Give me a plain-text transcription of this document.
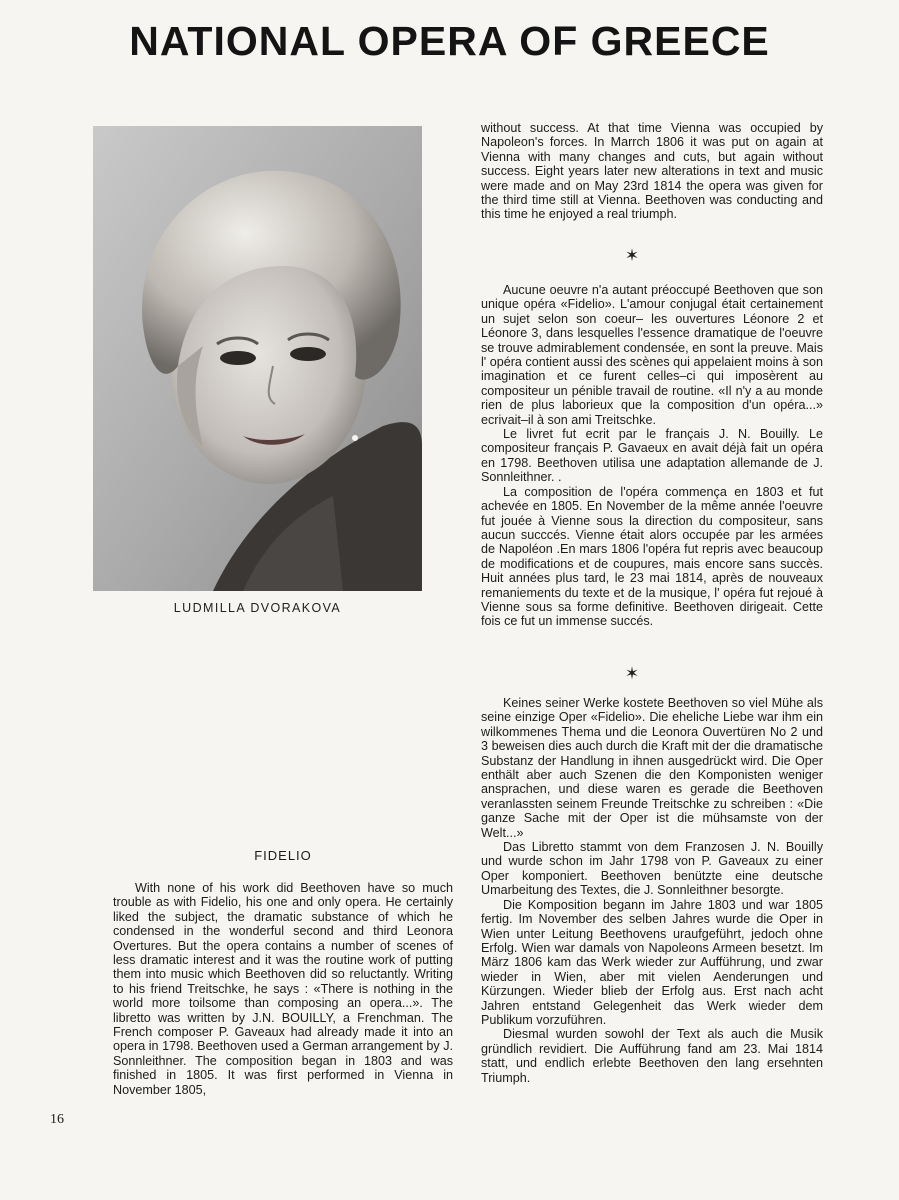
NATIONAL OPERA OF GREECE
LUDMILLA DVORAKOVA
FIDELIO

With none of his work did Beethoven have so much trouble as with Fidelio, his one and only opera. He certainly liked the subject, the dramatic substance of which he condensed in the wonderful second and third Leonora Overtures. But the opera contains a number of scenes of less dramatic interest and it was the routine work of putting them into music which Beethoven did so reluctantly. Writing to his friend Treitschke, he says : «There is nothing in the world more toilsome than composing an opera...». The libretto was written by J.N. BOUILLY, a Frenchman. The French composer P. Gaveaux had already made it into an opera in 1798. Beethoven used a German arrangement by J. Sonnleithner. The composition began in 1803 and was finished in 1805. It was first performed in Vienna in November 1805,

without success. At that time Vienna was occupied by Napoleon's forces. In Marrch 1806 it was put on again at Vienna with many changes and cuts, but again without success. Eight years later new alterations in text and music were made and on May 23rd 1814 the opera was given for the third time still at Vienna. Beethoven was conducting and this time he enjoyed a real triumph.

✶

Aucune oeuvre n'a autant préoccupé Beethoven que son unique opéra «Fidelio». L'amour conjugal était certainement un sujet selon son coeur– les ouvertures Léonore 2 et Léonore 3, dans lesquelles l'essence dramatique de l'oeuvre se trouve admirablement condensée, en sont la preuve. Mais l' opéra contient aussi des scènes qui appelaient moins à son imagination et ce furent celles–ci qui imposèrent au compositeur un pénible travail de routine. «Il n'y a au monde rien de plus laborieux que la composition d'un opéra...» ecrivait–il à son ami Treitschke.

Le livret fut ecrit par le français J. N. Bouilly. Le compositeur français P. Gavaeux en avait déjà fait un opéra en 1798. Beethoven utilisa une adaptation allemande de J. Sonnleithner. .

La composition de l'opéra commença en 1803 et fut achevée en 1805. En November de la même année l'oeuvre fut jouée à Vienne sous la direction du compositeur, sans aucun succcés. Vienne était alors occupée par les armées de Napoléon .En mars 1806 l'opéra fut repris avec beaucoup de modifications et de coupures, mais encore sans succès. Huit années plus tard, le 23 mai 1814, après de nouveaux remaniements du texte et de la musique, l' opéra fut rejoué à Vienne sous sa forme definitive. Beethoven dirigeait. Cette fois ce fut un immense succés.

✶

Keines seiner Werke kostete Beethoven so viel Mühe als seine einzige Oper «Fidelio». Die eheliche Liebe war ihm ein wilkommenes Thema und die Leonora Ouvertüren No 2 und 3 beweisen dies auch durch die Kraft mit der die dramatische Substanz der Handlung in ihnen ausgedrückt wird. Die Oper enthält aber auch Szenen die den Komponisten weniger ansprachen, und diese waren es gerade die Beethoven veranlassten seinem Freunde Treitschke zu schreiben : «Die ganze Sache mit der Oper ist die mühsamste von der Welt...»

Das Libretto stammt von dem Franzosen J. N. Bouilly und wurde schon im Jahr 1798 von P. Gaveaux zu einer Oper komponiert. Beethoven benützte eine deutsche Umarbeitung des Textes, die J. Sonnleithner besorgte.

Die Komposition begann im Jahre 1803 und war 1805 fertig. Im November des selben Jahres wurde die Oper in Wien unter Leitung Beethovens uraufgeführt, jedoch ohne Erfolg. Wien war damals von Napoleons Armeen besetzt. Im März 1806 kam das Werk wieder zur Aufführung, und zwar wieder in Wien, aber mit vielen Aenderungen und Kürzungen. Wieder blieb der Erfolg aus. Erst nach acht Jahren entstand Gelegenheit das Werk wieder dem Publikum vorzuführen.

Diesmal wurden sowohl der Text als auch die Musik gründlich revidiert. Die Aufführung fand am 23. Mai 1814 statt, und endlich erlebte Beethoven den lang ersehnten Triumph.

16
